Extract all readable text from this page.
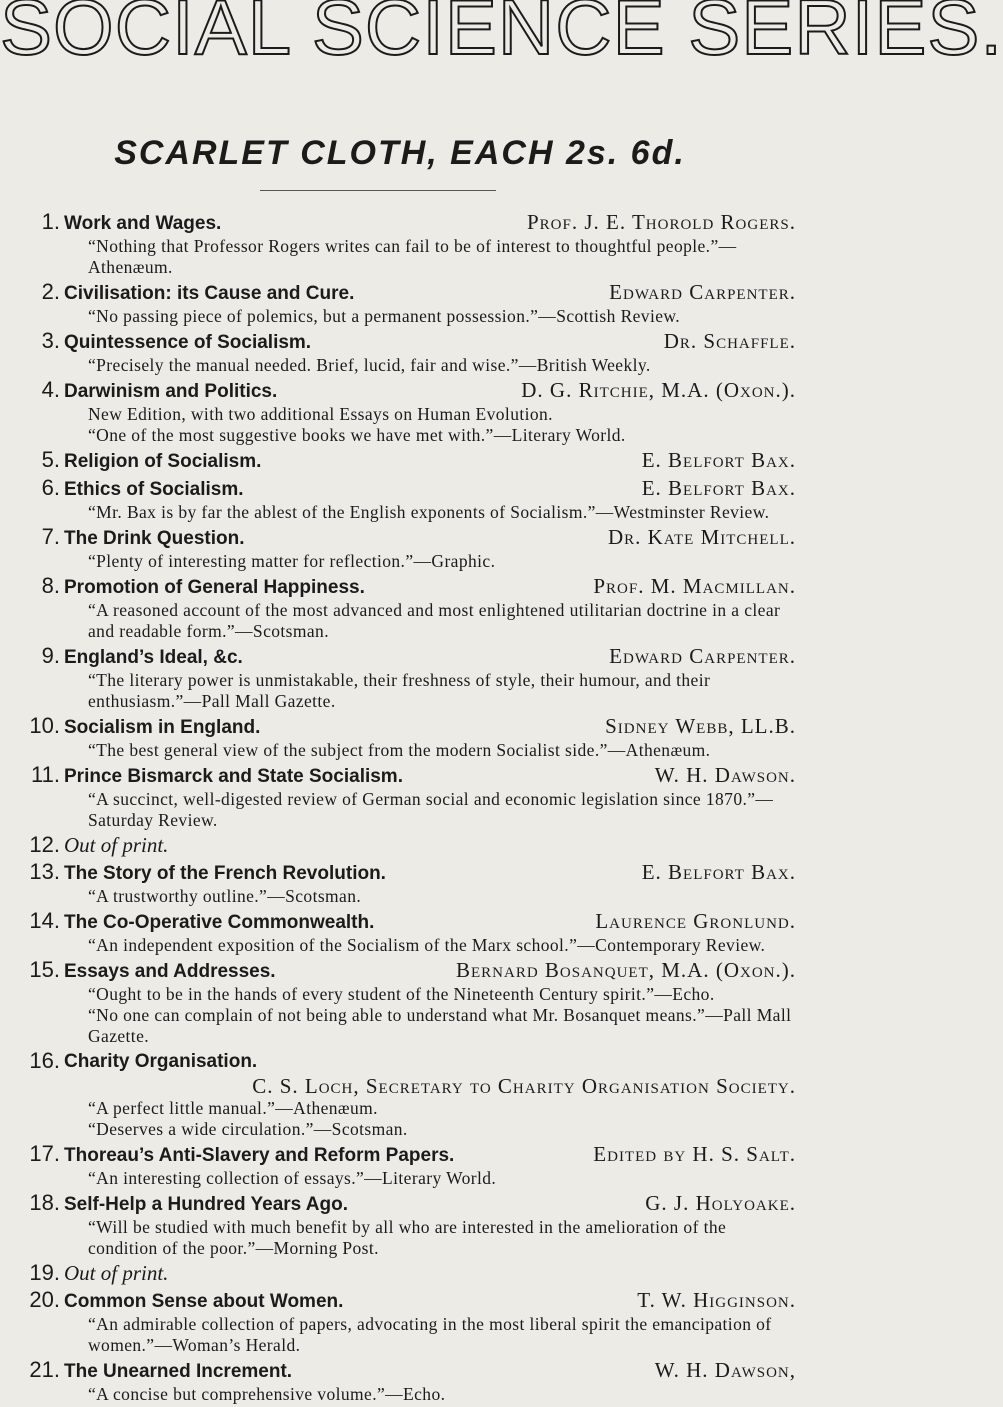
SOCIAL SCIENCE SERIES.
SCARLET CLOTH, EACH 2s. 6d.
1. Work and Wages.	Prof. J. E. Thorold Rogers.
“Nothing that Professor Rogers writes can fail to be of interest to thoughtful people.”—Athenæum.
2. Civilisation: its Cause and Cure.	Edward Carpenter.
“No passing piece of polemics, but a permanent possession.”—Scottish Review.
3. Quintessence of Socialism.	Dr. Schaffle.
“Precisely the manual needed. Brief, lucid, fair and wise.”—British Weekly.
4. Darwinism and Politics.	D. G. Ritchie, M.A. (Oxon.).
New Edition, with two additional Essays on Human Evolution.
“One of the most suggestive books we have met with.”—Literary World.
5. Religion of Socialism.	E. Belfort Bax.
6. Ethics of Socialism.	E. Belfort Bax.
“Mr. Bax is by far the ablest of the English exponents of Socialism.”—Westminster Review.
7. The Drink Question.	Dr. Kate Mitchell.
“Plenty of interesting matter for reflection.”—Graphic.
8. Promotion of General Happiness.	Prof. M. Macmillan.
“A reasoned account of the most advanced and most enlightened utilitarian doctrine in a clear and readable form.”—Scotsman.
9. England’s Ideal, &c.	Edward Carpenter.
“The literary power is unmistakable, their freshness of style, their humour, and their enthusiasm.”—Pall Mall Gazette.
10. Socialism in England.	Sidney Webb, LL.B.
“The best general view of the subject from the modern Socialist side.”—Athenæum.
11. Prince Bismarck and State Socialism.	W. H. Dawson.
“A succinct, well-digested review of German social and economic legislation since 1870.”—Saturday Review.
12. Out of print.
13. The Story of the French Revolution.	E. Belfort Bax.
“A trustworthy outline.”—Scotsman.
14. The Co-Operative Commonwealth.	Laurence Gronlund.
“An independent exposition of the Socialism of the Marx school.”—Contemporary Review.
15. Essays and Addresses.	Bernard Bosanquet, M.A. (Oxon.).
“Ought to be in the hands of every student of the Nineteenth Century spirit.”—Echo.
“No one can complain of not being able to understand what Mr. Bosanquet means.”—Pall Mall Gazette.
16. Charity Organisation.
C. S. Loch, Secretary to Charity Organisation Society.
“A perfect little manual.”—Athenæum.
“Deserves a wide circulation.”—Scotsman.
17. Thoreau’s Anti-Slavery and Reform Papers.	Edited by H. S. Salt.
“An interesting collection of essays.”—Literary World.
18. Self-Help a Hundred Years Ago.	G. J. Holyoake.
“Will be studied with much benefit by all who are interested in the amelioration of the condition of the poor.”—Morning Post.
19. Out of print.
20. Common Sense about Women.	T. W. Higginson.
“An admirable collection of papers, advocating in the most liberal spirit the emancipation of women.”—Woman’s Herald.
21. The Unearned Increment.	W. H. Dawson,
“A concise but comprehensive volume.”—Echo.
